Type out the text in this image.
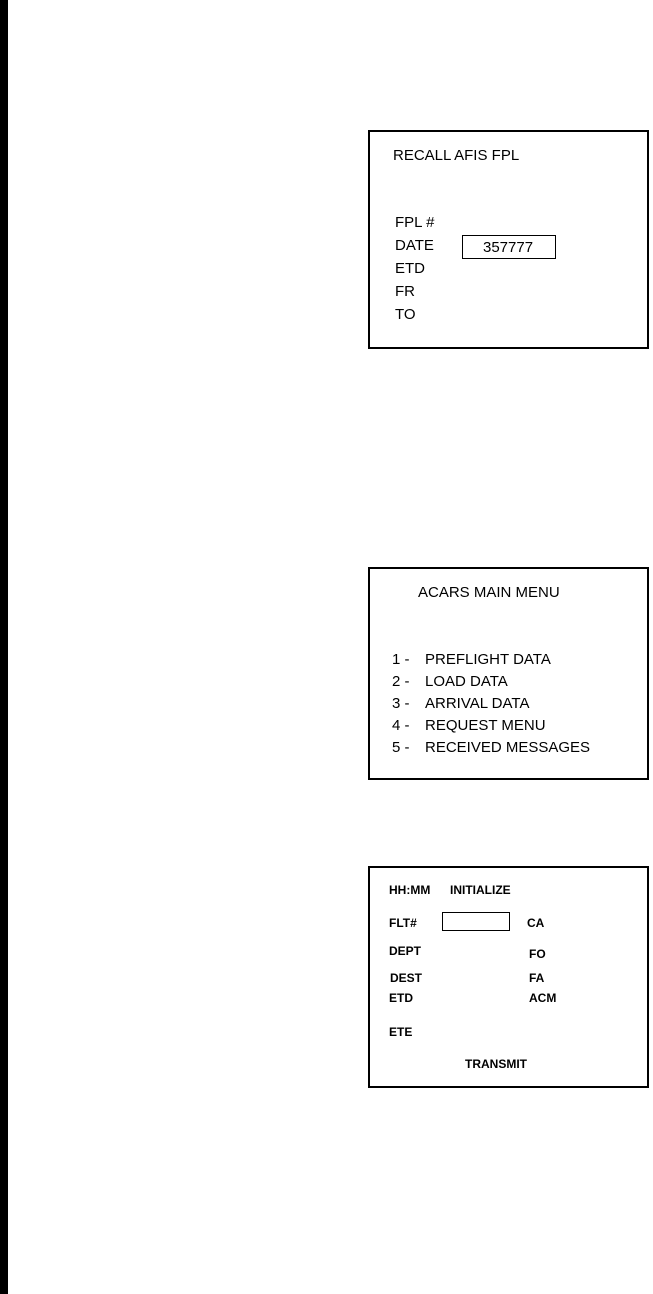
RECALL AFIS FPL
FPL #
DATE	357777
ETD
FR
TO
ACARS MAIN MENU
1 - PREFLIGHT DATA
2 - LOAD DATA
3 - ARRIVAL DATA
4 - REQUEST MENU
5 - RECEIVED MESSAGES
HH:MM INITIALIZE
FLT#	CA
DEPT	FO
DEST	FA
ETD	ACM
ETE
TRANSMIT
